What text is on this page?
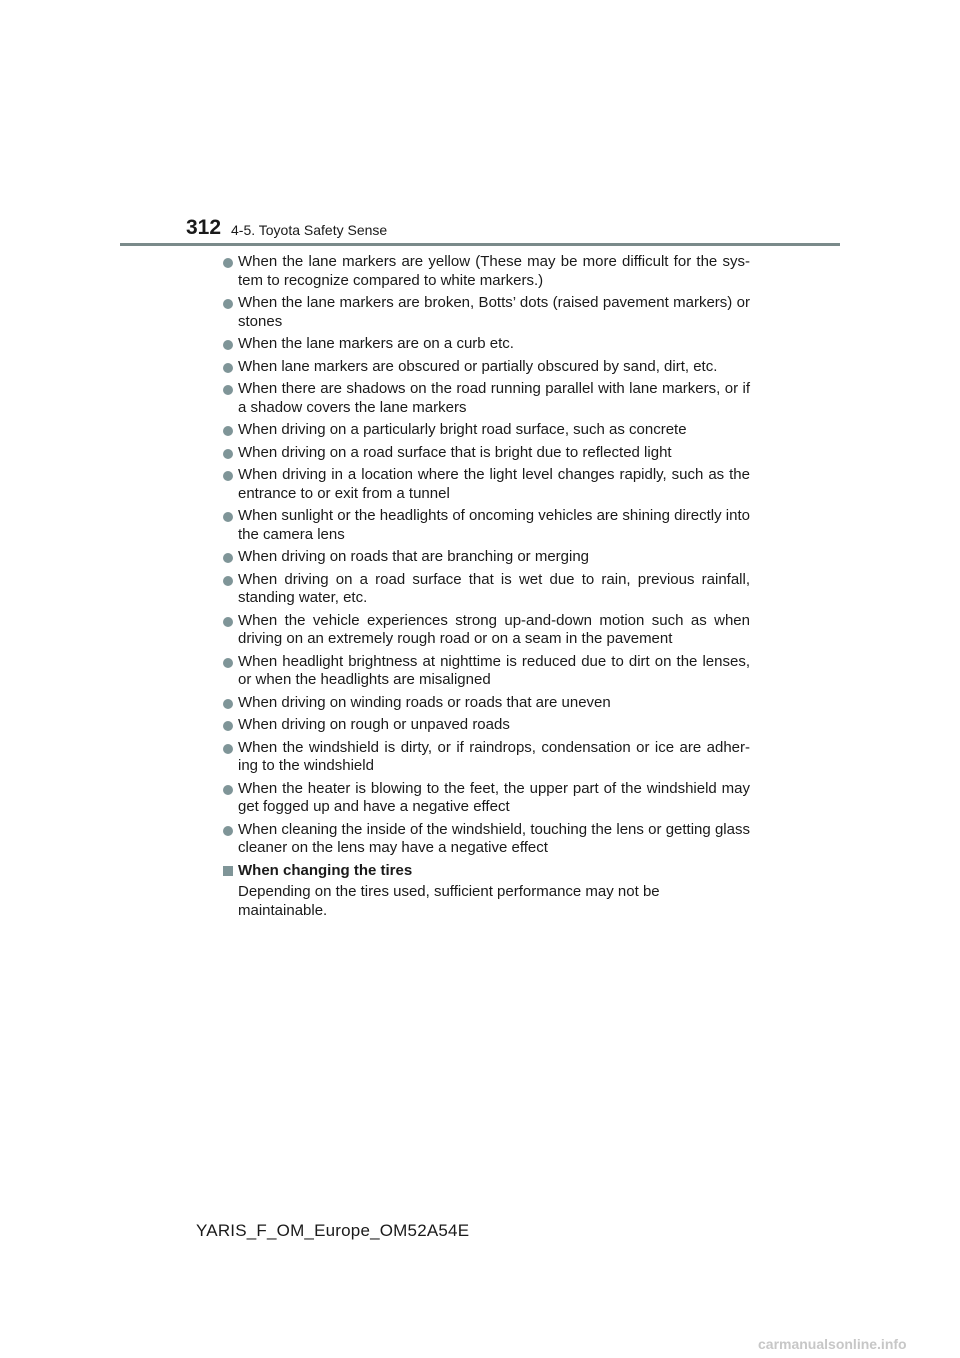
312 4-5. Toyota Safety Sense
When the lane markers are yellow (These may be more difficult for the sys-tem to recognize compared to white markers.)
When the lane markers are broken, Botts’ dots (raised pavement markers) or stones
When the lane markers are on a curb etc.
When lane markers are obscured or partially obscured by sand, dirt, etc.
When there are shadows on the road running parallel with lane markers, or if a shadow covers the lane markers
When driving on a particularly bright road surface, such as concrete
When driving on a road surface that is bright due to reflected light
When driving in a location where the light level changes rapidly, such as the entrance to or exit from a tunnel
When sunlight or the headlights of oncoming vehicles are shining directly into the camera lens
When driving on roads that are branching or merging
When driving on a road surface that is wet due to rain, previous rainfall, standing water, etc.
When the vehicle experiences strong up-and-down motion such as when driving on an extremely rough road or on a seam in the pavement
When headlight brightness at nighttime is reduced due to dirt on the lenses, or when the headlights are misaligned
When driving on winding roads or roads that are uneven
When driving on rough or unpaved roads
When the windshield is dirty, or if raindrops, condensation or ice are adher-ing to the windshield
When the heater is blowing to the feet, the upper part of the windshield may get fogged up and have a negative effect
When cleaning the inside of the windshield, touching the lens or getting glass cleaner on the lens may have a negative effect
When changing the tires
Depending on the tires used, sufficient performance may not be maintainable.
YARIS_F_OM_Europe_OM52A54E
carmanualsonline.info
